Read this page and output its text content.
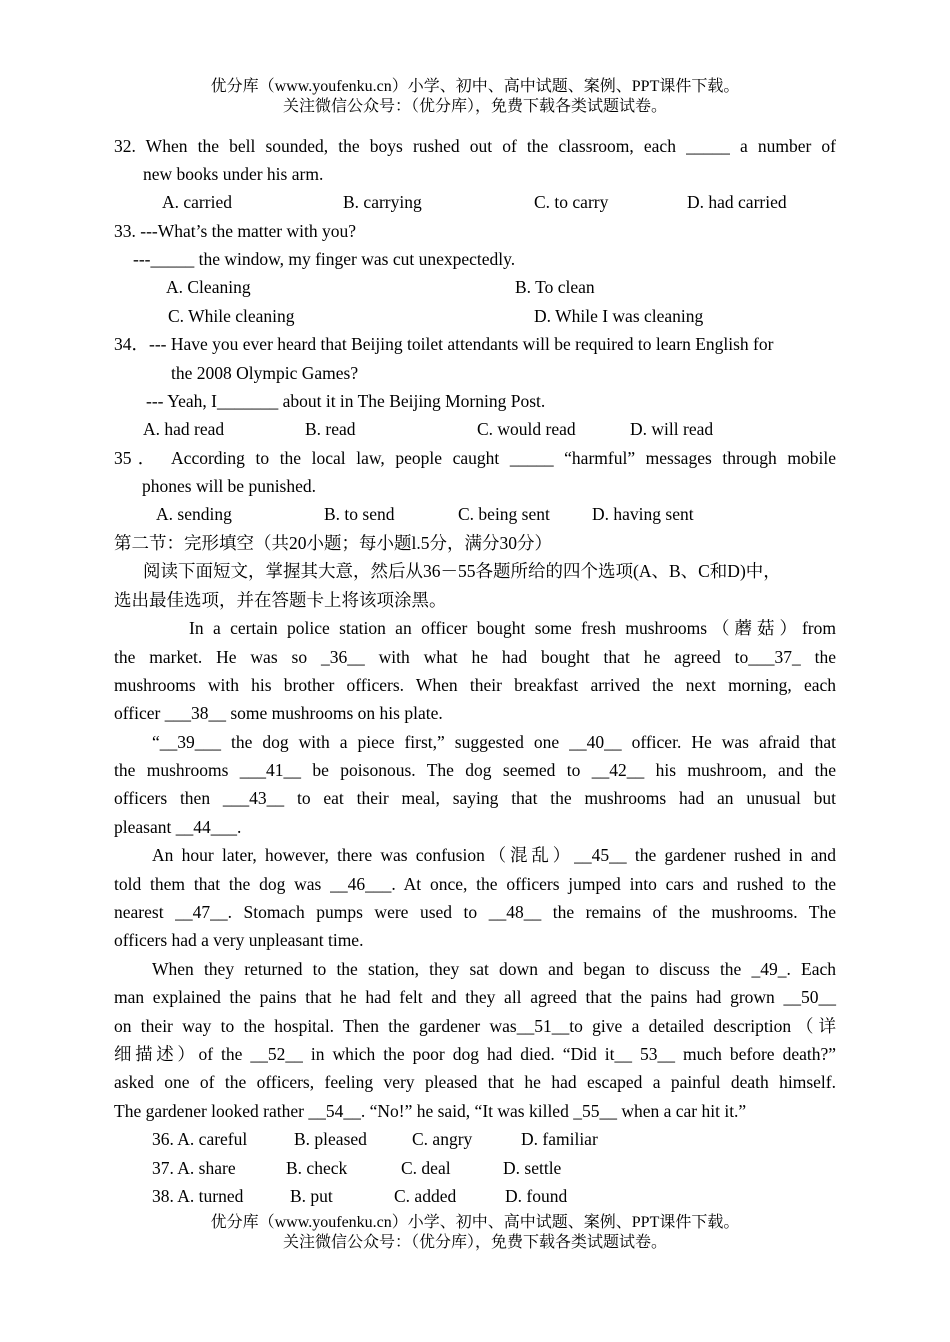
优分库（www.youfenku.cn）小学、初中、高中试题、案例、PPT课件下载。
关注微信公众号：（优分库），免费下载各类试题试卷。
32. When the bell sounded, the boys rushed out of the classroom, each _____ a number of
new books under his arm.
A. carried	B. carrying	C. to carry	D. had carried
33. ---What’s the matter with you?
---_____ the window, my finger was cut unexpectedly.
A. Cleaning	B. To clean
C. While cleaning	D. While I was cleaning
34．--- Have you ever heard that Beijing toilet attendants will be required to learn English for
the 2008 Olympic Games?
--- Yeah, I_______ about it in The Beijing Morning Post.
A. had read	B. read	C. would read	D. will read
35． According to the local law, people caught _____ “harmful” messages through mobile
phones will be punished.
A. sending	B. to send	C. being sent D. having sent
第二节：完形填空（共20小题；每小题l.5分，满分30分）
阅读下面短文，掌握其大意，然后从36－55各题所给的四个选项(A、B、C和D)中，
选出最佳选项，并在答题卡上将该项涂黑。
In a certain police station an officer bought some fresh mushrooms（蘑菇）from
the market. He was so _36__ with what he had bought that he agreed to___37_ the
mushrooms with his brother officers. When their breakfast arrived the next morning, each
officer ___38__ some mushrooms on his plate.
“__39___ the dog with a piece first,” suggested one __40__ officer. He was afraid that
the mushrooms ___41__ be poisonous. The dog seemed to __42__ his mushroom, and the
officers then ___43__ to eat their meal, saying that the mushrooms had an unusual but
pleasant __44___.
An hour later, however, there was confusion（混乱）__45__ the gardener rushed in and
told them that the dog was __46___. At once, the officers jumped into cars and rushed to the
nearest __47__. Stomach pumps were used to __48__ the remains of the mushrooms. The
officers had a very unpleasant time.
When they returned to the station, they sat down and began to discuss the _49_. Each
man explained the pains that he had felt and they all agreed that the pains had grown __50__
on their way to the hospital. Then the gardener was__51__to give a detailed description（详
细描述）of the __52__ in which the poor dog had died. “Did it__ 53__ much before death?”
asked one of the officers, feeling very pleased that he had escaped a painful death himself.
The gardener looked rather __54__. “No!” he said, “It was killed _55__ when a car hit it.”
36. A. careful	B. pleased	C. angry	D. familiar
37. A. share	B. check	C. deal	D. settle
38. A. turned	B. put	C. added	D. found
优分库（www.youfenku.cn）小学、初中、高中试题、案例、PPT课件下载。
关注微信公众号：（优分库），免费下载各类试题试卷。
